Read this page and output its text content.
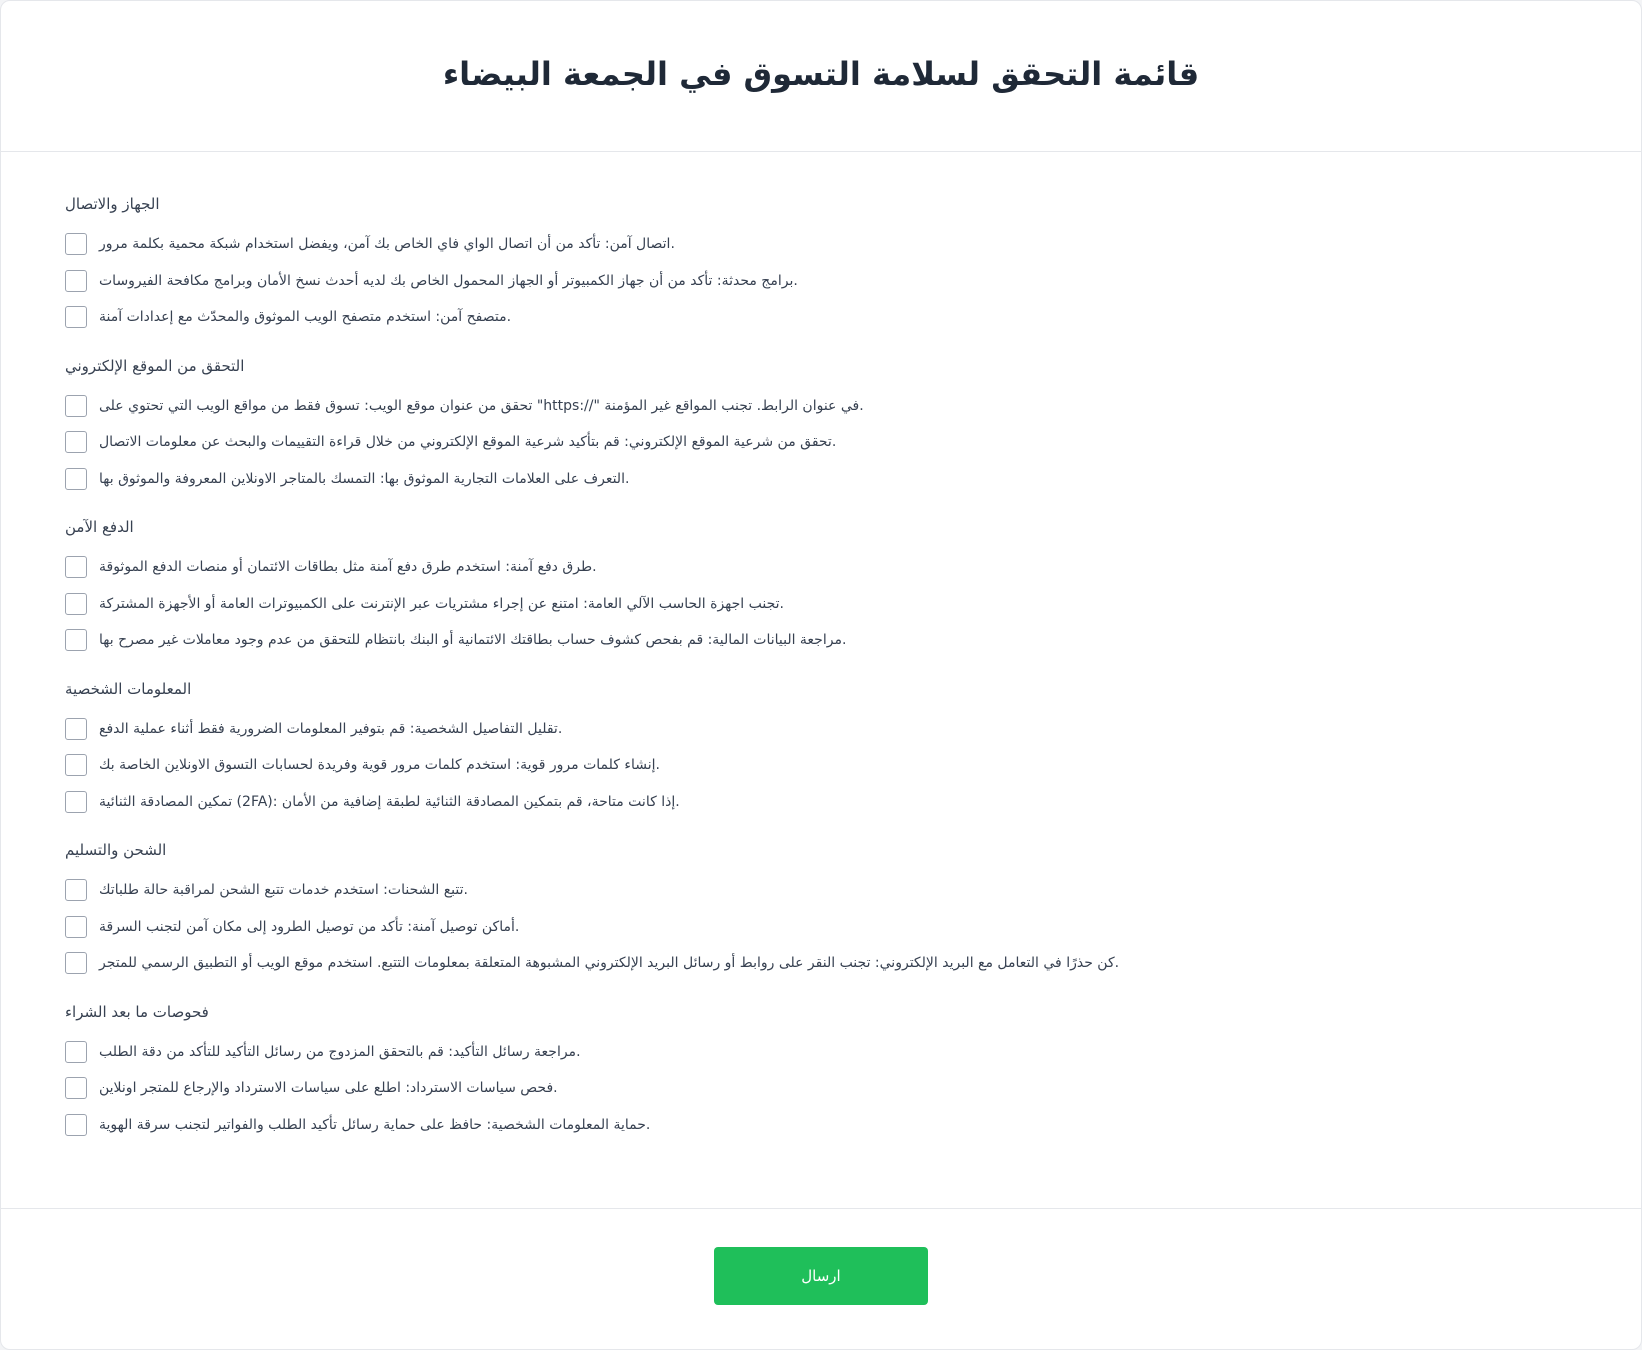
قائمة التحقق لسلامة التسوق في الجمعة البيضاء
الجهاز والاتصال
اتصال آمن: تأكد من أن اتصال الواي فاي الخاص بك آمن، ويفضل استخدام شبكة محمية بكلمة مرور.
برامج محدثة: تأكد من أن جهاز الكمبيوتر أو الجهاز المحمول الخاص بك لديه أحدث نسخ الأمان وبرامج مكافحة الفيروسات.
متصفح آمن: استخدم متصفح الويب الموثوق والمحدّث مع إعدادات آمنة.
التحقق من الموقع الإلكتروني
تحقق من عنوان موقع الويب: تسوق فقط من مواقع الويب التي تحتوي على "https://" في عنوان الرابط. تجنب المواقع غير المؤمنة.
تحقق من شرعية الموقع الإلكتروني: قم بتأكيد شرعية الموقع الإلكتروني من خلال قراءة التقييمات والبحث عن معلومات الاتصال.
التعرف على العلامات التجارية الموثوق بها: التمسك بالمتاجر الاونلاين المعروفة والموثوق بها.
الدفع الآمن
طرق دفع آمنة: استخدم طرق دفع آمنة مثل بطاقات الائتمان أو منصات الدفع الموثوقة.
تجنب اجهزة الحاسب الآلي العامة: امتنع عن إجراء مشتريات عبر الإنترنت على الكمبيوترات العامة أو الأجهزة المشتركة.
مراجعة البيانات المالية: قم بفحص كشوف حساب بطاقتك الائتمانية أو البنك بانتظام للتحقق من عدم وجود معاملات غير مصرح بها.
المعلومات الشخصية
تقليل التفاصيل الشخصية: قم بتوفير المعلومات الضرورية فقط أثناء عملية الدفع.
إنشاء كلمات مرور قوية: استخدم كلمات مرور قوية وفريدة لحسابات التسوق الاونلاين الخاصة بك.
تمكين المصادقة الثنائية (2FA): إذا كانت متاحة، قم بتمكين المصادقة الثنائية لطبقة إضافية من الأمان.
الشحن والتسليم
تتبع الشحنات: استخدم خدمات تتبع الشحن لمراقبة حالة طلباتك.
أماكن توصيل آمنة: تأكد من توصيل الطرود إلى مكان آمن لتجنب السرقة.
كن حذرًا في التعامل مع البريد الإلكتروني: تجنب النقر على روابط أو رسائل البريد الإلكتروني المشبوهة المتعلقة بمعلومات التتبع. استخدم موقع الويب أو التطبيق الرسمي للمتجر.
فحوصات ما بعد الشراء
مراجعة رسائل التأكيد: قم بالتحقق المزدوج من رسائل التأكيد للتأكد من دقة الطلب.
فحص سياسات الاسترداد: اطلع على سياسات الاسترداد والإرجاع للمتجر اونلاين.
حماية المعلومات الشخصية: حافظ على حماية رسائل تأكيد الطلب والفواتير لتجنب سرقة الهوية.
ارسال
